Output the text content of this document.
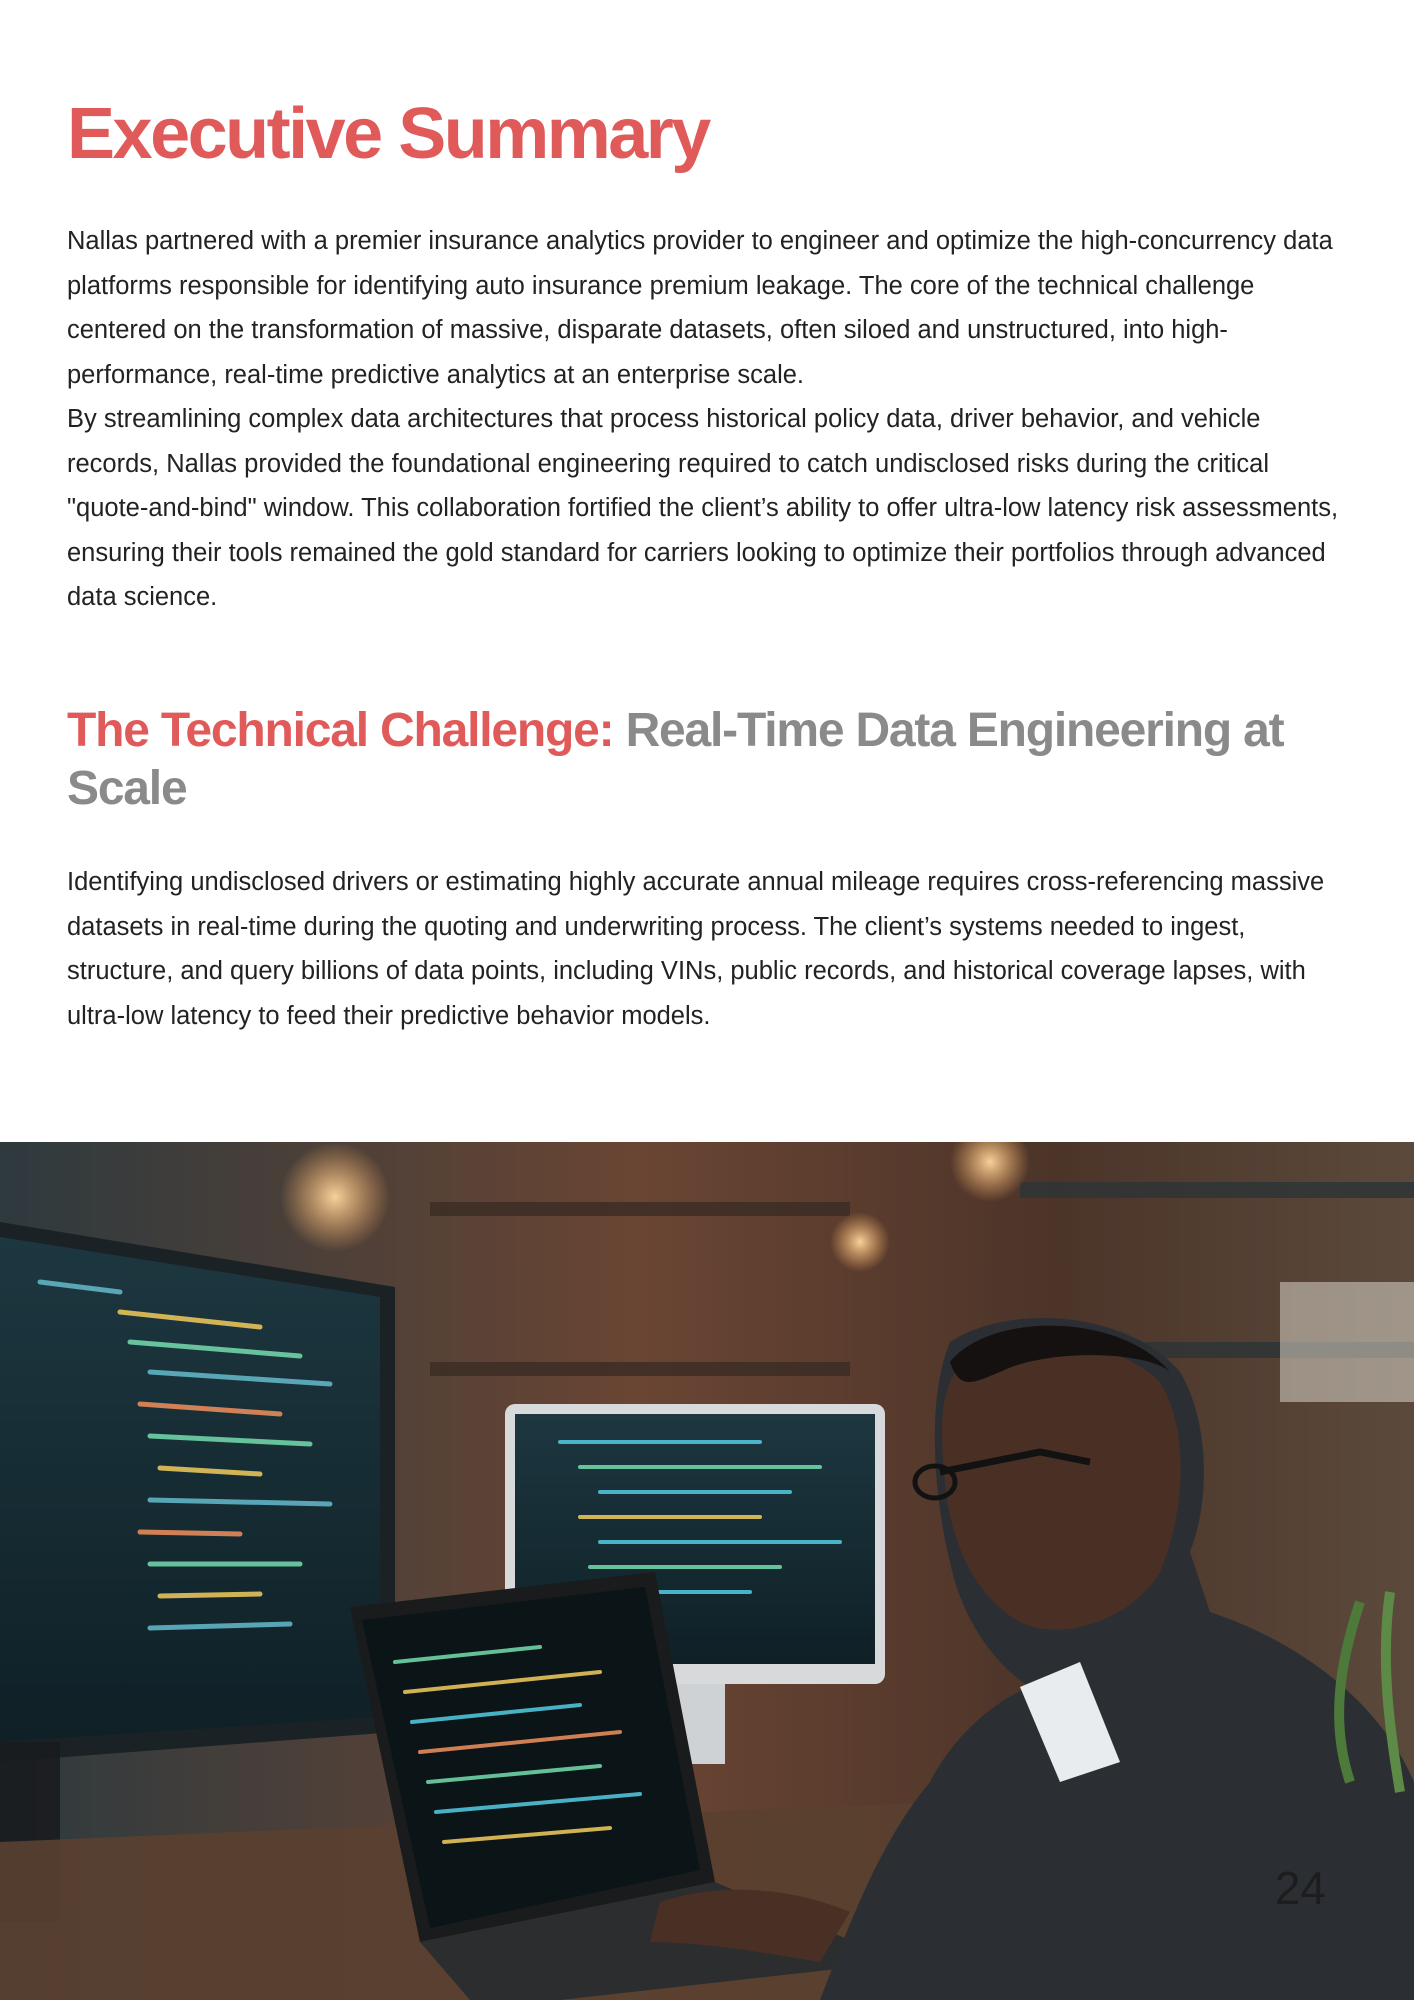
Executive Summary

Nallas partnered with a premier insurance analytics provider to engineer and optimize the high-concurrency data platforms responsible for identifying auto insurance premium leakage. The core of the technical challenge centered on the transformation of massive, disparate datasets, often siloed and unstructured, into high-performance, real-time predictive analytics at an enterprise scale.

By streamlining complex data architectures that process historical policy data, driver behavior, and vehicle records, Nallas provided the foundational engineering required to catch undisclosed risks during the critical "quote-and-bind" window. This collaboration fortified the client’s ability to offer ultra-low latency risk assessments, ensuring their tools remained the gold standard for carriers looking to optimize their portfolios through advanced data science.

The Technical Challenge: Real-Time Data Engineering at Scale

Identifying undisclosed drivers or estimating highly accurate annual mileage requires cross-referencing massive datasets in real-time during the quoting and underwriting process. The client’s systems needed to ingest, structure, and query billions of data points, including VINs, public records, and historical coverage lapses, with ultra-low latency to feed their predictive behavior models.

24
